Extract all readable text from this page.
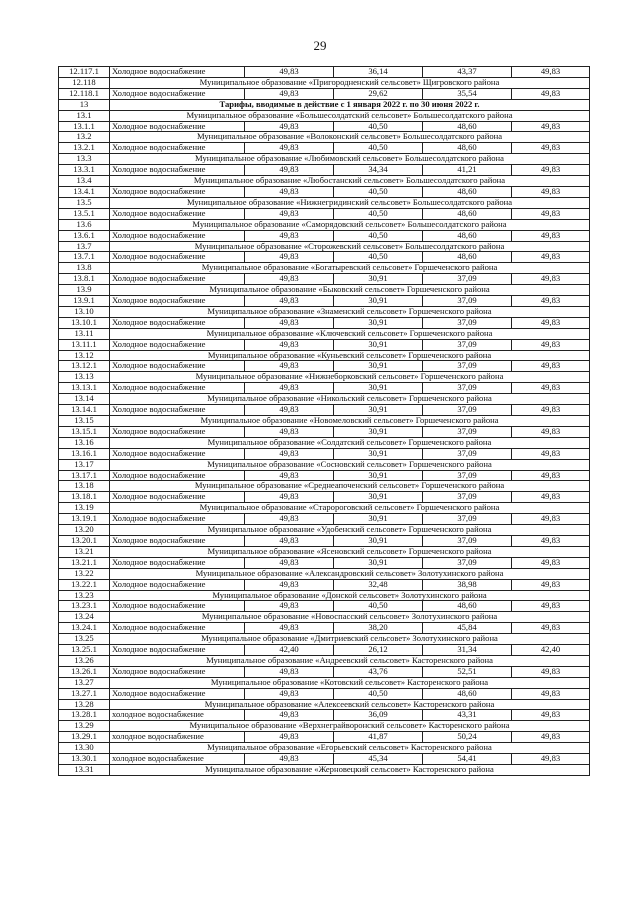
29
12.117.1	Холодное водоснабжение	49,83	36,14	43,37	49,83
12.118	Муниципальное образование «Пригородненский сельсовет» Щигровского района				
12.118.1	Холодное водоснабжение	49,83	29,62	35,54	49,83
13	Тарифы, вводимые в действие с 1 января 2022 г. по 30 июня 2022 г.				
13.1	Муниципальное образование «Большесолдатский сельсовет» Большесолдатского района				
13.1.1	Холодное водоснабжение	49,83	40,50	48,60	49,83
13.2	Муниципальное образование «Волоконский сельсовет» Большесолдатского района				
13.2.1	Холодное водоснабжение	49,83	40,50	48,60	49,83
13.3	Муниципальное образование «Любимовский сельсовет» Большесолдатского района				
13.3.1	Холодное водоснабжение	49,83	34,34	41,21	49,83
13.4	Муниципальное образование «Любостанский сельсовет» Большесолдатского района				
13.4.1	Холодное водоснабжение	49,83	40,50	48,60	49,83
13.5	Муниципальное образование «Нижнегридинский сельсовет» Большесолдатского района				
13.5.1	Холодное водоснабжение	49,83	40,50	48,60	49,83
13.6	Муниципальное образование «Саморядовский сельсовет» Большесолдатского района				
13.6.1	Холодное водоснабжение	49,83	40,50	48,60	49,83
13.7	Муниципальное образование «Сторожевский сельсовет» Большесолдатского района				
13.7.1	Холодное водоснабжение	49,83	40,50	48,60	49,83
13.8	Муниципальное образование «Богатыревский сельсовет» Горшеченского района				
13.8.1	Холодное водоснабжение	49,83	30,91	37,09	49,83
13.9	Муниципальное образование «Быковский сельсовет» Горшеченского района				
13.9.1	Холодное водоснабжение	49,83	30,91	37,09	49,83
13.10	Муниципальное образование «Знаменский сельсовет» Горшеченского района				
13.10.1	Холодное водоснабжение	49,83	30,91	37,09	49,83
13.11	Муниципальное образование «Ключевский сельсовет» Горшеченского района				
13.11.1	Холодное водоснабжение	49,83	30,91	37,09	49,83
13.12	Муниципальное образование «Куньевский сельсовет» Горшеченского района				
13.12.1	Холодное водоснабжение	49,83	30,91	37,09	49,83
13.13	Муниципальное образование «Нижнеборковский сельсовет» Горшеченского района				
13.13.1	Холодное водоснабжение	49,83	30,91	37,09	49,83
13.14	Муниципальное образование «Никольский сельсовет» Горшеченского района				
13.14.1	Холодное водоснабжение	49,83	30,91	37,09	49,83
13.15	Муниципальное образование «Новомеловский сельсовет» Горшеченского района				
13.15.1	Холодное водоснабжение	49,83	30,91	37,09	49,83
13.16	Муниципальное образование «Солдатский сельсовет» Горшеченского района				
13.16.1	Холодное водоснабжение	49,83	30,91	37,09	49,83
13.17	Муниципальное образование «Сосновский сельсовет» Горшеченского района				
13.17.1	Холодное водоснабжение	49,83	30,91	37,09	49,83
13.18	Муниципальное образование «Среднеапоченский сельсовет» Горшеченского района				
13.18.1	Холодное водоснабжение	49,83	30,91	37,09	49,83
13.19	Муниципальное образование «Старороговский сельсовет» Горшеченского района				
13.19.1	Холодное водоснабжение	49,83	30,91	37,09	49,83
13.20	Муниципальное образование «Удобенский сельсовет» Горшеченского района				
13.20.1	Холодное водоснабжение	49,83	30,91	37,09	49,83
13.21	Муниципальное образование «Ясеновский сельсовет» Горшеченского района				
13.21.1	Холодное водоснабжение	49,83	30,91	37,09	49,83
13.22	Муниципальное образование «Александровский сельсовет» Золотухинского района				
13.22.1	Холодное водоснабжение	49,83	32,48	38,98	49,83
13.23	Муниципальное образование «Донской сельсовет» Золотухинского района				
13.23.1	Холодное водоснабжение	49,83	40,50	48,60	49,83
13.24	Муниципальное образование «Новоспасский сельсовет» Золотухинского района				
13.24.1	Холодное водоснабжение	49,83	38,20	45,84	49,83
13.25	Муниципальное образование «Дмитриевский сельсовет» Золотухинского района				
13.25.1	Холодное водоснабжение	42,40	26,12	31,34	42,40
13.26	Муниципальное образование «Андреевский сельсовет» Касторенского района				
13.26.1	Холодное водоснабжение	49,83	43,76	52,51	49,83
13.27	Муниципальное образование «Котовский сельсовет» Касторенского района				
13.27.1	Холодное водоснабжение	49,83	40,50	48,60	49,83
13.28	Муниципальное образование «Алексеевский сельсовет» Касторенского района				
13.28.1	холодное водоснабжение	49,83	36,09	43,31	49,83
13.29	Муниципальное образование «Верхнеграйворонский сельсовет» Касторенского района				
13.29.1	холодное водоснабжение	49,83	41,87	50,24	49,83
13.30	Муниципальное образование «Егорьевский сельсовет» Касторенского района				
13.30.1	холодное водоснабжение	49,83	45,34	54,41	49,83
13.31	Муниципальное образование «Жерновецкий сельсовет» Касторенского района				
